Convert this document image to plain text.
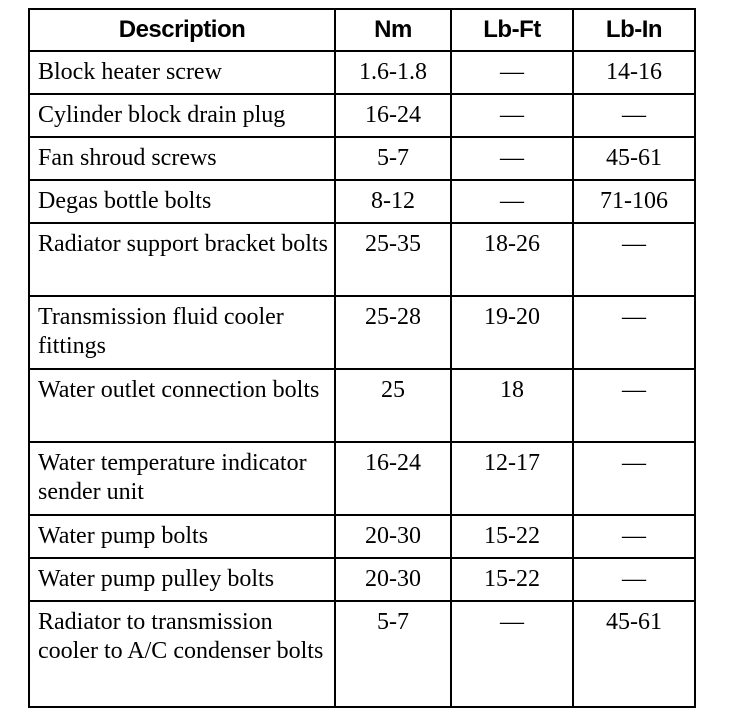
Description	Nm	Lb-Ft	Lb-In
Block heater screw	1.6-1.8	—	14-16
Cylinder block drain plug	16-24	—	—
Fan shroud screws	5-7	—	45-61
Degas bottle bolts	8-12	—	71-106
Radiator support bracket bolts	25-35	18-26	—
Transmission fluid cooler fittings	25-28	19-20	—
Water outlet connection bolts	25	18	—
Water temperature indicator sender unit	16-24	12-17	—
Water pump bolts	20-30	15-22	—
Water pump pulley bolts	20-30	15-22	—
Radiator to transmission cooler to A/C condenser bolts	5-7	—	45-61
